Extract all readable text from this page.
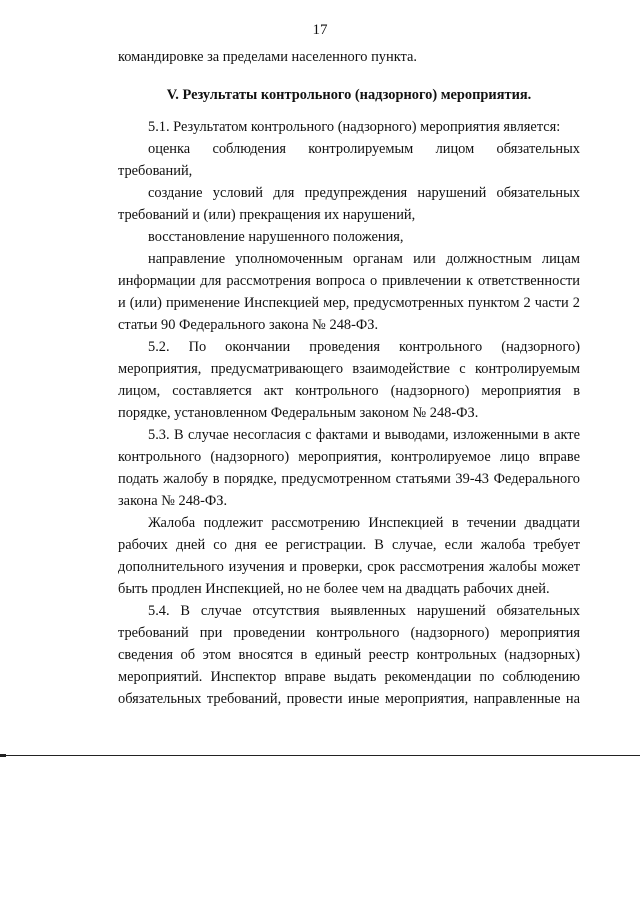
17
командировке за пределами населенного пункта.
V. Результаты контрольного (надзорного) мероприятия.
5.1. Результатом контрольного (надзорного) мероприятия является:
оценка соблюдения контролируемым лицом обязательных
требований,
создание условий для предупреждения нарушений обязательных
требований и (или) прекращения их нарушений,
восстановление нарушенного положения,
направление уполномоченным органам или должностным лицам
информации для рассмотрения вопроса о привлечении к ответственности
и (или) применение Инспекцией мер, предусмотренных пунктом 2 части 2
статьи 90 Федерального закона № 248-ФЗ.
5.2. По окончании проведения контрольного (надзорного)
мероприятия, предусматривающего взаимодействие с контролируемым
лицом, составляется акт контрольного (надзорного) мероприятия в
порядке, установленном Федеральным законом № 248-ФЗ.
5.3. В случае несогласия с фактами и выводами, изложенными в акте
контрольного (надзорного) мероприятия, контролируемое лицо вправе
подать жалобу в порядке, предусмотренном статьями 39-43 Федерального
закона № 248-ФЗ.
Жалоба подлежит рассмотрению Инспекцией в течении двадцати
рабочих дней со дня ее регистрации. В случае, если жалоба требует
дополнительного изучения и проверки, срок рассмотрения жалобы может
быть продлен Инспекцией, но не более чем на двадцать рабочих дней.
5.4. В случае отсутствия выявленных нарушений обязательных
требований при проведении контрольного (надзорного) мероприятия
сведения об этом вносятся в единый реестр контрольных (надзорных)
мероприятий. Инспектор вправе выдать рекомендации по соблюдению
обязательных требований, провести иные мероприятия, направленные на
